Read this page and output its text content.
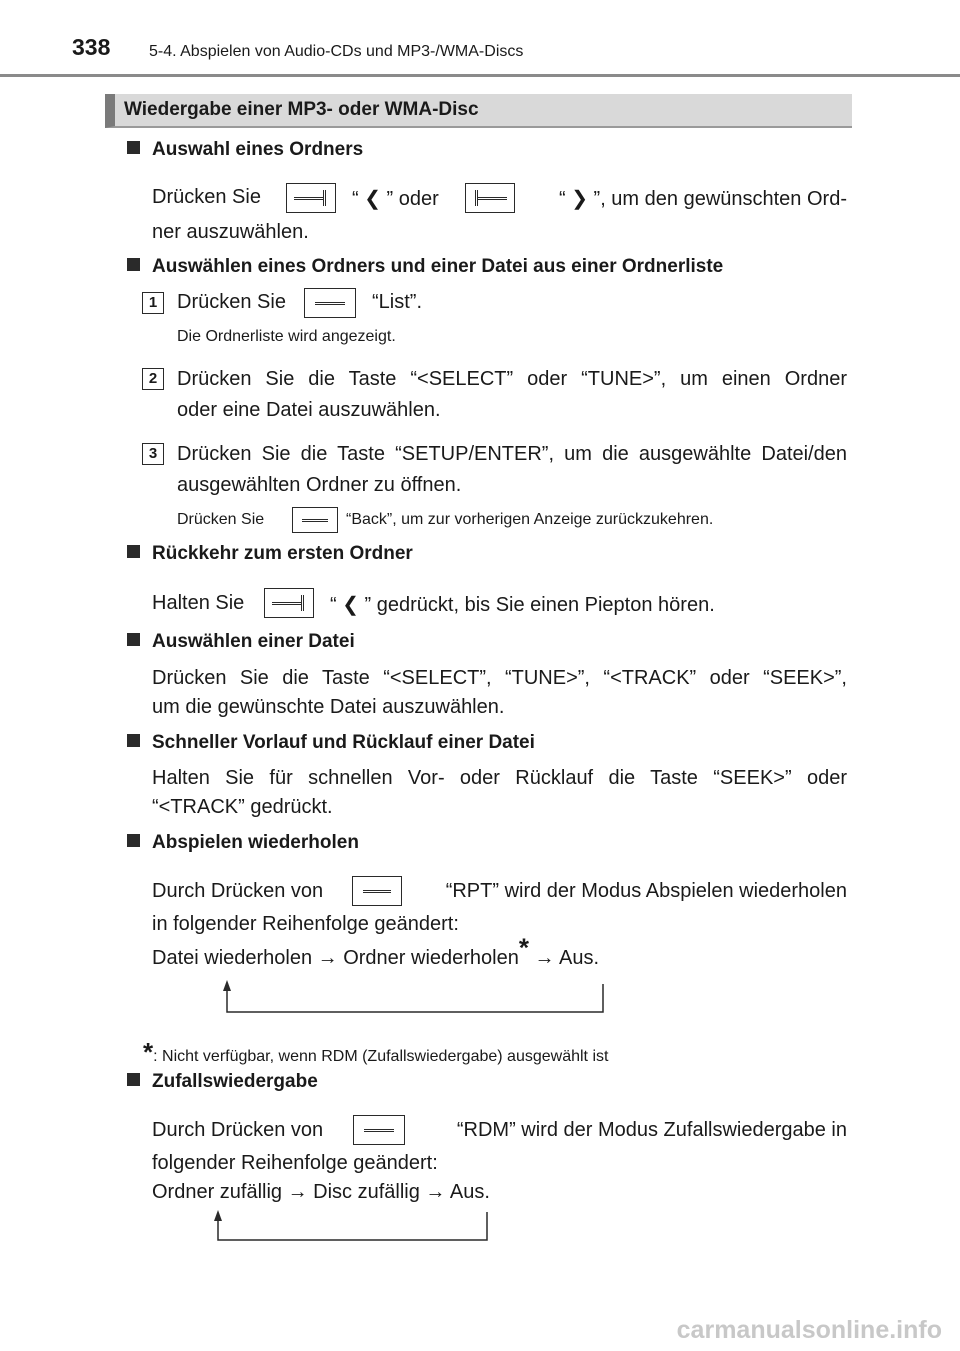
338 5-4. Abspielen von Audio-CDs und MP3-/WMA-Discs
Wiedergabe einer MP3- oder WMA-Disc
Auswahl eines Ordners
Drücken Sie	“ ❮ ” oder	“ ❯ ”, um den gewünschten Ord-
ner auszuwählen.
Auswählen eines Ordners und einer Datei aus einer Ordnerliste
1 Drücken Sie	“List”.
Die Ordnerliste wird angezeigt.
2 Drücken Sie die Taste “<SELECT” oder “TUNE>”, um einen Ordner
oder eine Datei auszuwählen.
3 Drücken Sie die Taste “SETUP/ENTER”, um die ausgewählte Datei/den
ausgewählten Ordner zu öffnen.
Drücken Sie	“Back”, um zur vorherigen Anzeige zurückzukehren.
Rückkehr zum ersten Ordner
Halten Sie	“ ❮ ” gedrückt, bis Sie einen Piepton hören.
Auswählen einer Datei
Drücken Sie die Taste “<SELECT”, “TUNE>”, “<TRACK” oder “SEEK>”,
um die gewünschte Datei auszuwählen.
Schneller Vorlauf und Rücklauf einer Datei
Halten Sie für schnellen Vor- oder Rücklauf die Taste “SEEK>” oder
“<TRACK” gedrückt.
Abspielen wiederholen
Durch Drücken von	“RPT” wird der Modus Abspielen wiederholen
in folgender Reihenfolge geändert:
Datei wiederholen → Ordner wiederholen* → Aus.
*: Nicht verfügbar, wenn RDM (Zufallswiedergabe) ausgewählt ist
Zufallswiedergabe
Durch Drücken von	“RDM” wird der Modus Zufallswiedergabe in
folgender Reihenfolge geändert:
Ordner zufällig → Disc zufällig → Aus.
carmanualsonline.info
